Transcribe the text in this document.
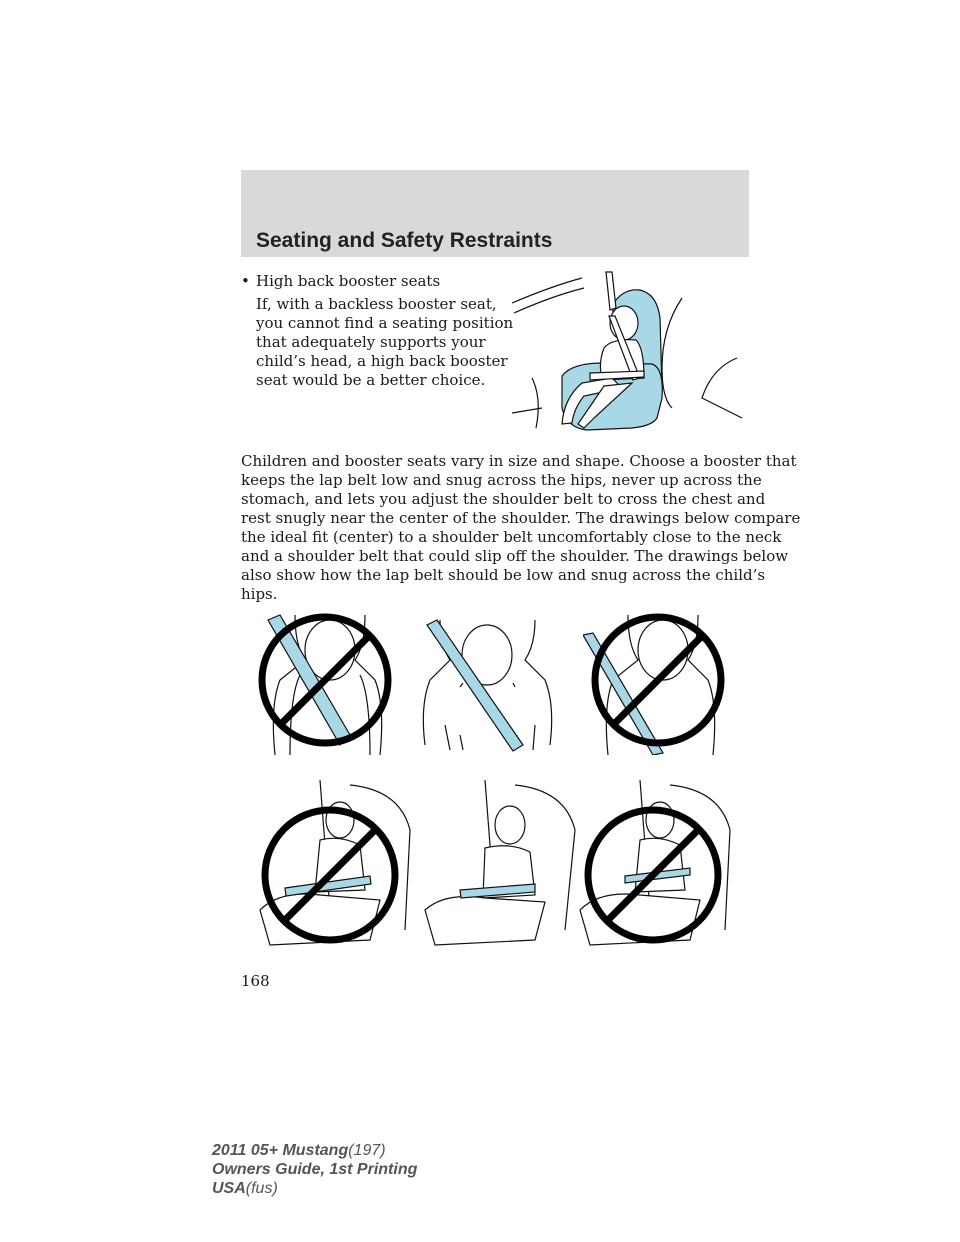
Seating and Safety Restraints
• High back booster seats
If, with a backless booster seat,
you cannot find a seating position
that adequately supports your
child’s head, a high back booster
seat would be a better choice.
Children and booster seats vary in size and shape. Choose a booster that
keeps the lap belt low and snug across the hips, never up across the
stomach, and lets you adjust the shoulder belt to cross the chest and
rest snugly near the center of the shoulder. The drawings below compare
the ideal fit (center) to a shoulder belt uncomfortably close to the neck
and a shoulder belt that could slip off the shoulder. The drawings below
also show how the lap belt should be low and snug across the child’s
hips.
168
2011 05+ Mustang(197)
Owners Guide, 1st Printing
USA(fus)
